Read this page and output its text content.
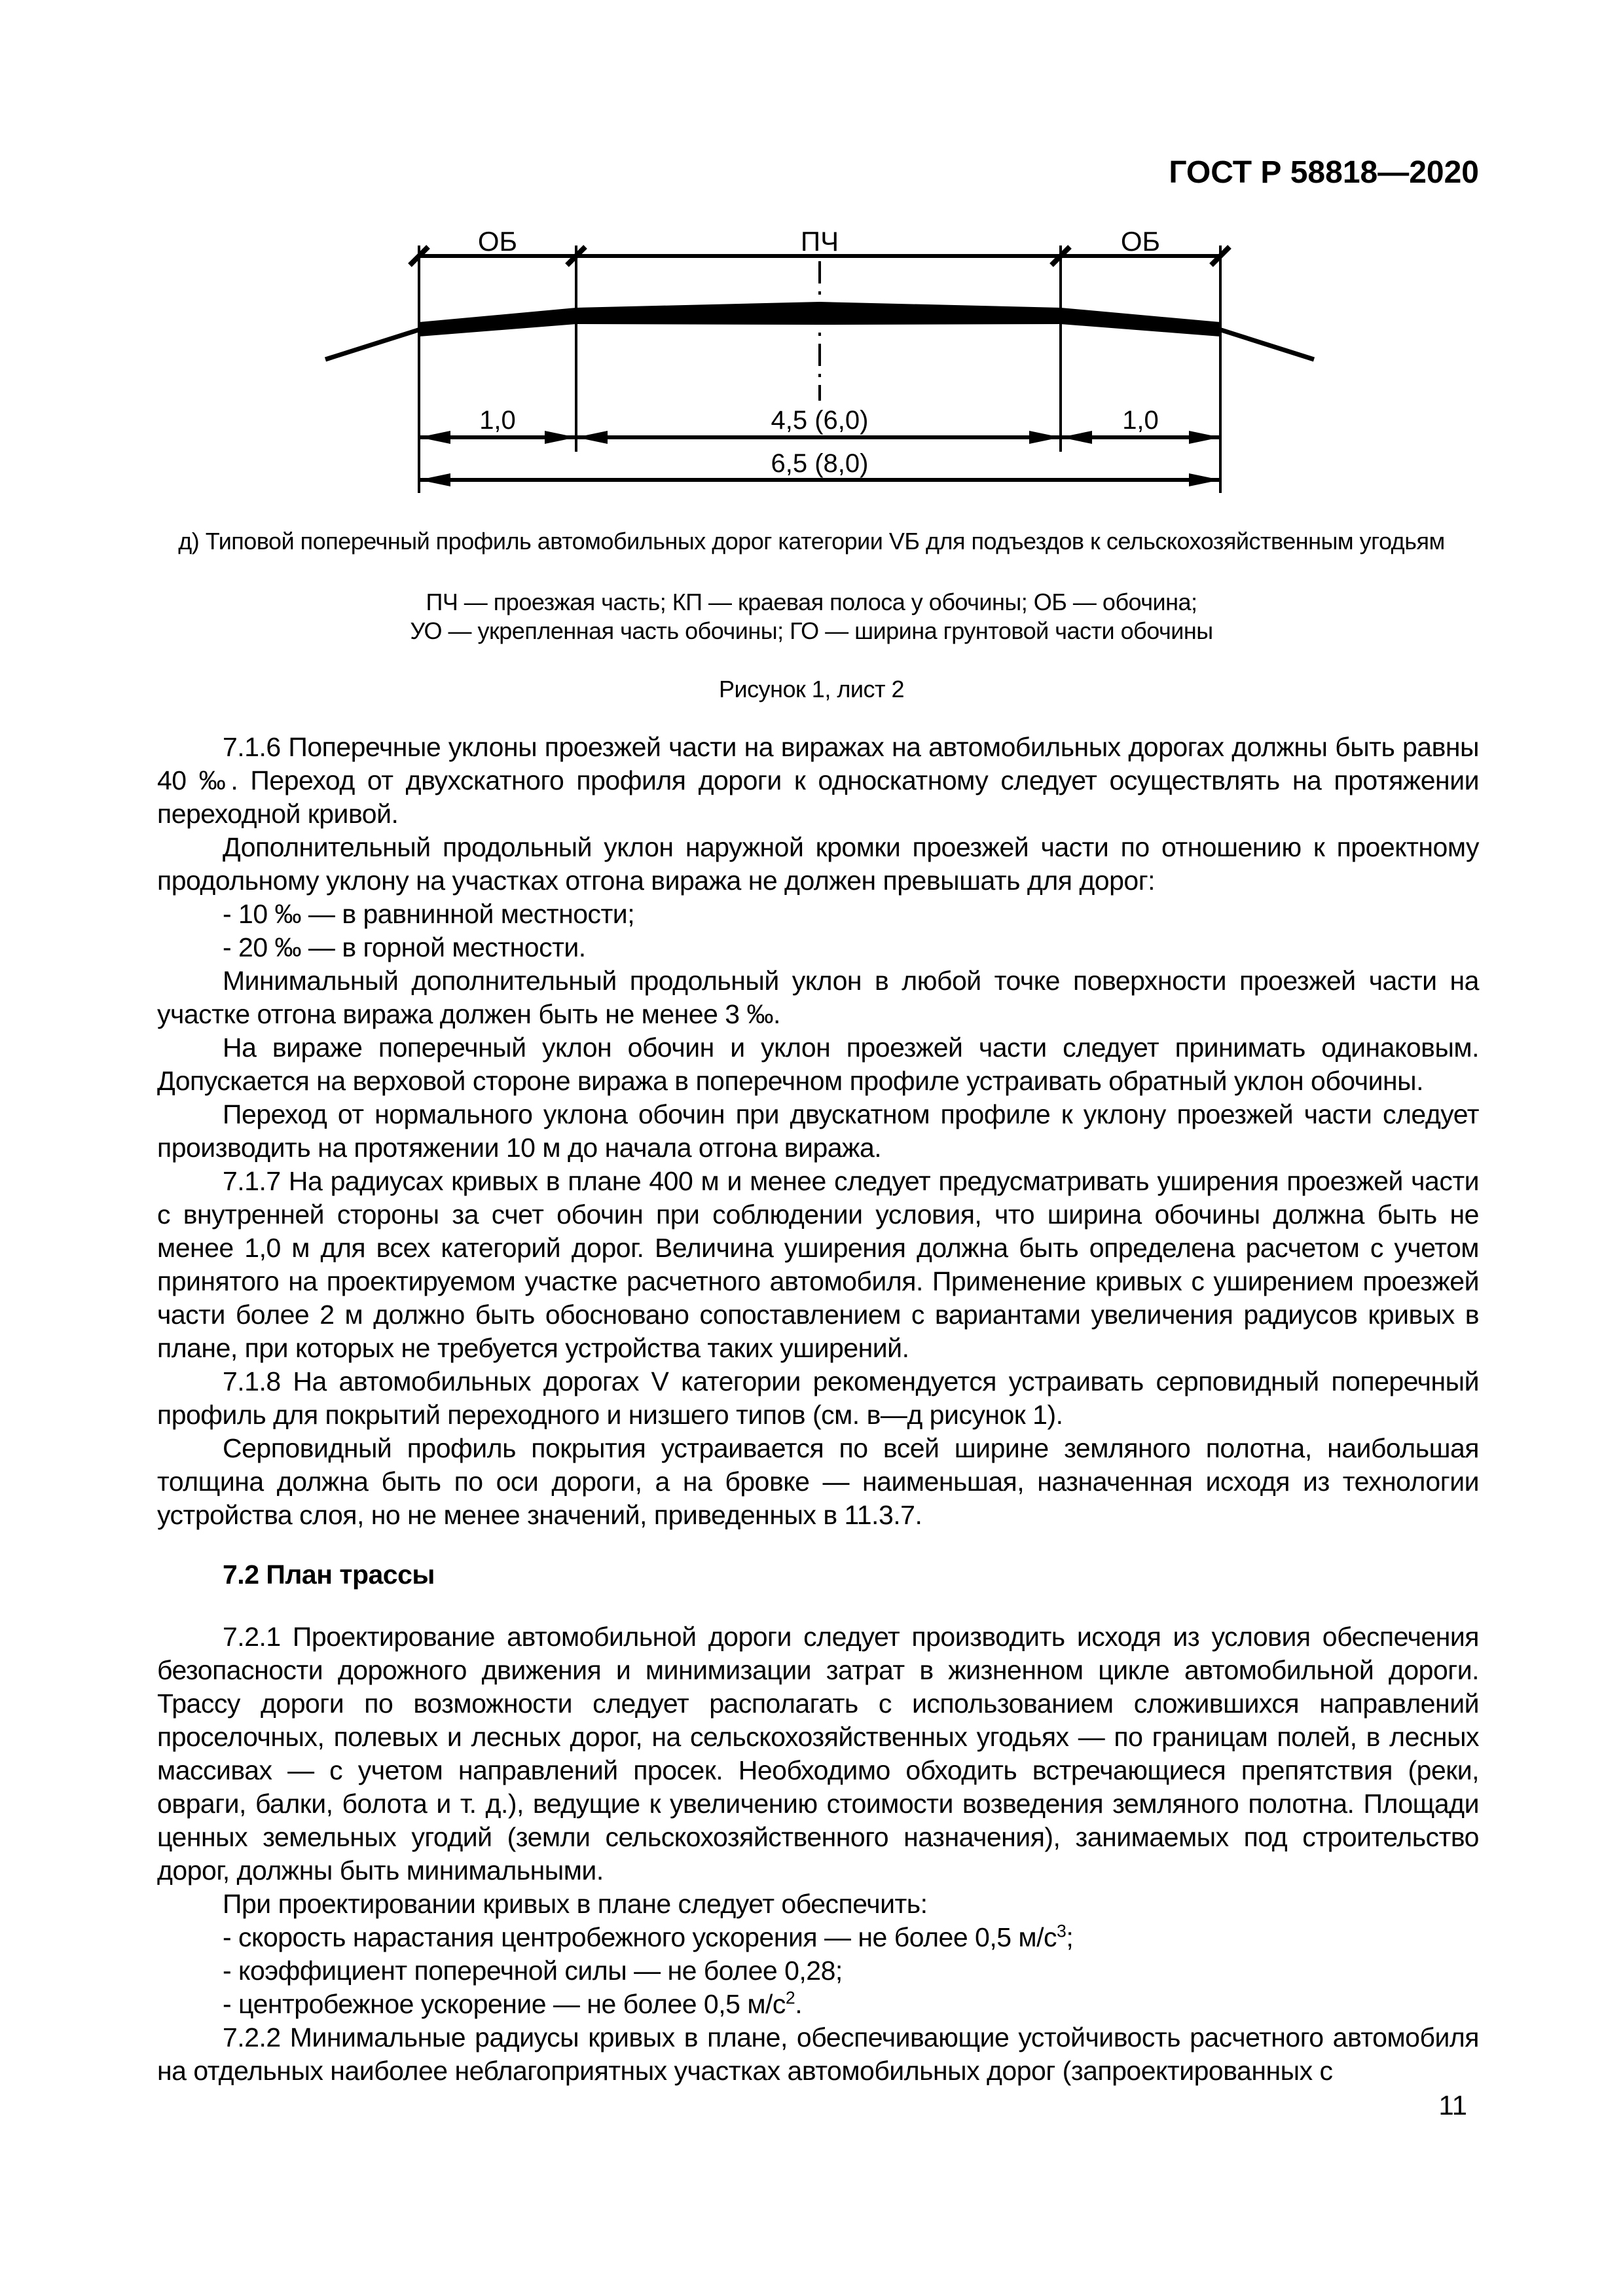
ГОСТ Р 58818—2020
ОБ	ПЧ	ОБ
1,0	4,5 (6,0)	1,0
6,5 (8,0)
д) Типовой поперечный профиль автомобильных дорог категории VБ для подъездов к сельскохозяйственным угодьям
ПЧ — проезжая часть; КП — краевая полоса у обочины; ОБ — обочина;
УО — укрепленная часть обочины; ГО — ширина грунтовой части обочины
Рисунок 1, лист 2

7.1.6 Поперечные уклоны проезжей части на виражах на автомобильных дорогах должны быть равны 40 ‰. Переход от двухскатного профиля дороги к односкатному следует осуществлять на протяжении переходной кривой.

Дополнительный продольный уклон наружной кромки проезжей части по отношению к проектному продольному уклону на участках отгона виража не должен превышать для дорог:

- 10 ‰ — в равнинной местности;

- 20 ‰ — в горной местности.

Минимальный дополнительный продольный уклон в любой точке поверхности проезжей части на участке отгона виража должен быть не менее 3 ‰.

На вираже поперечный уклон обочин и уклон проезжей части следует принимать одинаковым. Допускается на верховой стороне виража в поперечном профиле устраивать обратный уклон обочины.

Переход от нормального уклона обочин при двускатном профиле к уклону проезжей части следует производить на протяжении 10 м до начала отгона виража.

7.1.7 На радиусах кривых в плане 400 м и менее следует предусматривать уширения проезжей части с внутренней стороны за счет обочин при соблюдении условия, что ширина обочины должна быть не менее 1,0 м для всех категорий дорог. Величина уширения должна быть определена расчетом с учетом принятого на проектируемом участке расчетного автомобиля. Применение кривых с уширением проезжей части более 2 м должно быть обосновано сопоставлением с вариантами увеличения радиусов кривых в плане, при которых не требуется устройства таких уширений.

7.1.8 На автомобильных дорогах V категории рекомендуется устраивать серповидный поперечный профиль для покрытий переходного и низшего типов (см. в—д рисунок 1).

Серповидный профиль покрытия устраивается по всей ширине земляного полотна, наибольшая толщина должна быть по оси дороги, а на бровке — наименьшая, назначенная исходя из технологии устройства слоя, но не менее значений, приведенных в 11.3.7.

7.2 План трассы

7.2.1 Проектирование автомобильной дороги следует производить исходя из условия обеспечения безопасности дорожного движения и минимизации затрат в жизненном цикле автомобильной дороги. Трассу дороги по возможности следует располагать с использованием сложившихся направлений проселочных, полевых и лесных дорог, на сельскохозяйственных угодьях — по границам полей, в лесных массивах — с учетом направлений просек. Необходимо обходить встречающиеся препятствия (реки, овраги, балки, болота и т. д.), ведущие к увеличению стоимости возведения земляного полотна. Площади ценных земельных угодий (земли сельскохозяйственного назначения), занимаемых под строительство дорог, должны быть минимальными.

При проектировании кривых в плане следует обеспечить:

- скорость нарастания центробежного ускорения — не более 0,5 $м/с^3$;

- коэффициент поперечной силы — не более 0,28;

- центробежное ускорение — не более 0,5 $м/с^2$.

7.2.2 Минимальные радиусы кривых в плане, обеспечивающие устойчивость расчетного автомобиля на отдельных наиболее неблагоприятных участках автомобильных дорог (запроектированных с

11
